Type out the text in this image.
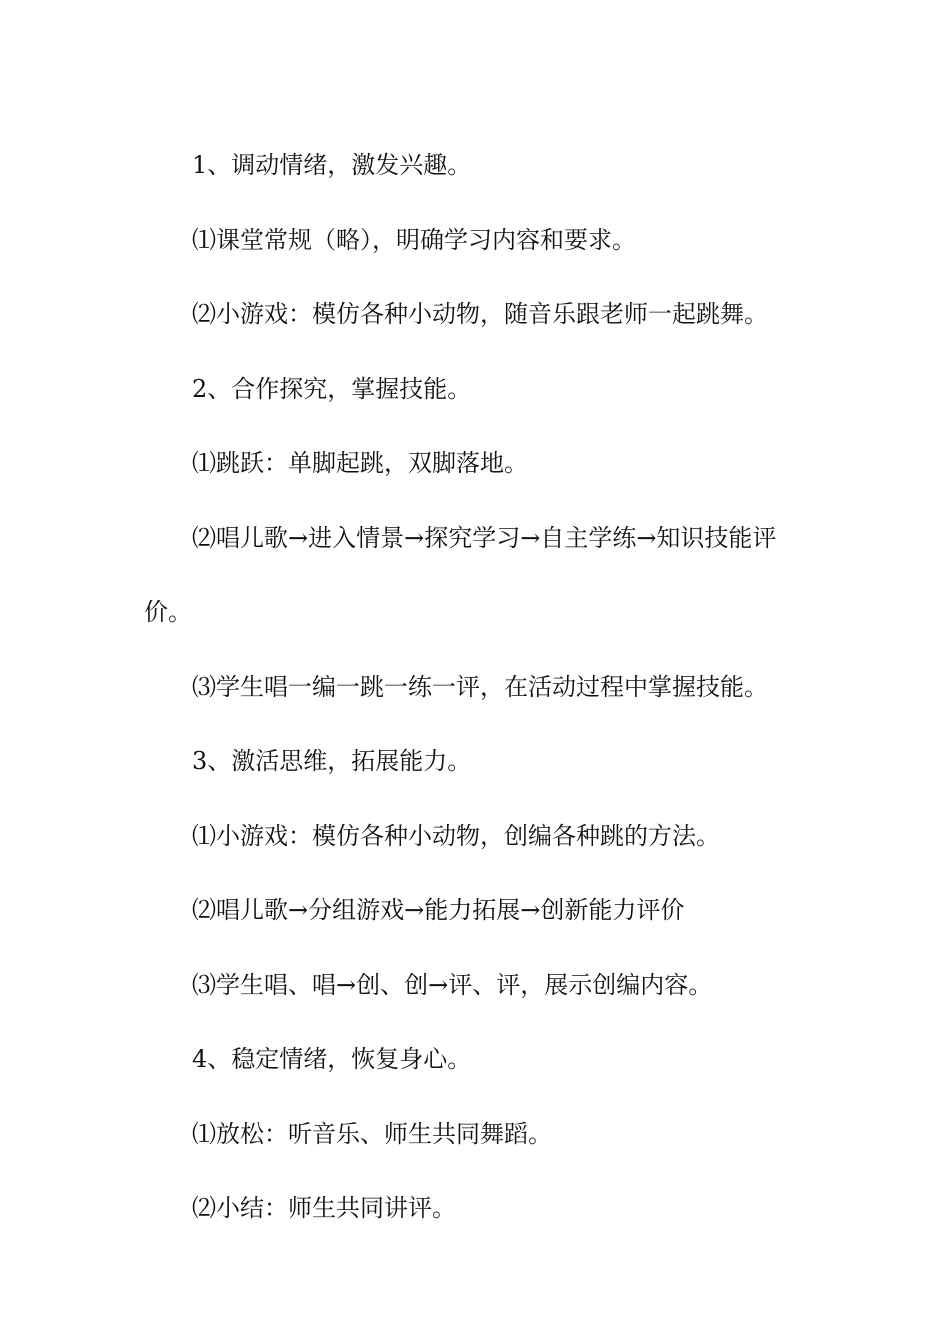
1、调动情绪，激发兴趣。

⑴课堂常规（略），明确学习内容和要求。

⑵小游戏：模仿各种小动物，随音乐跟老师一起跳舞。

2、合作探究，掌握技能。

⑴跳跃：单脚起跳，双脚落地。

⑵唱儿歌→进入情景→探究学习→自主学练→知识技能评价。

⑶学生唱一编一跳一练一评，在活动过程中掌握技能。

3、激活思维，拓展能力。

⑴小游戏：模仿各种小动物，创编各种跳的方法。

⑵唱儿歌→分组游戏→能力拓展→创新能力评价

⑶学生唱、唱→创、创→评、评，展示创编内容。

4、稳定情绪，恢复身心。

⑴放松：听音乐、师生共同舞蹈。

⑵小结：师生共同讲评。
